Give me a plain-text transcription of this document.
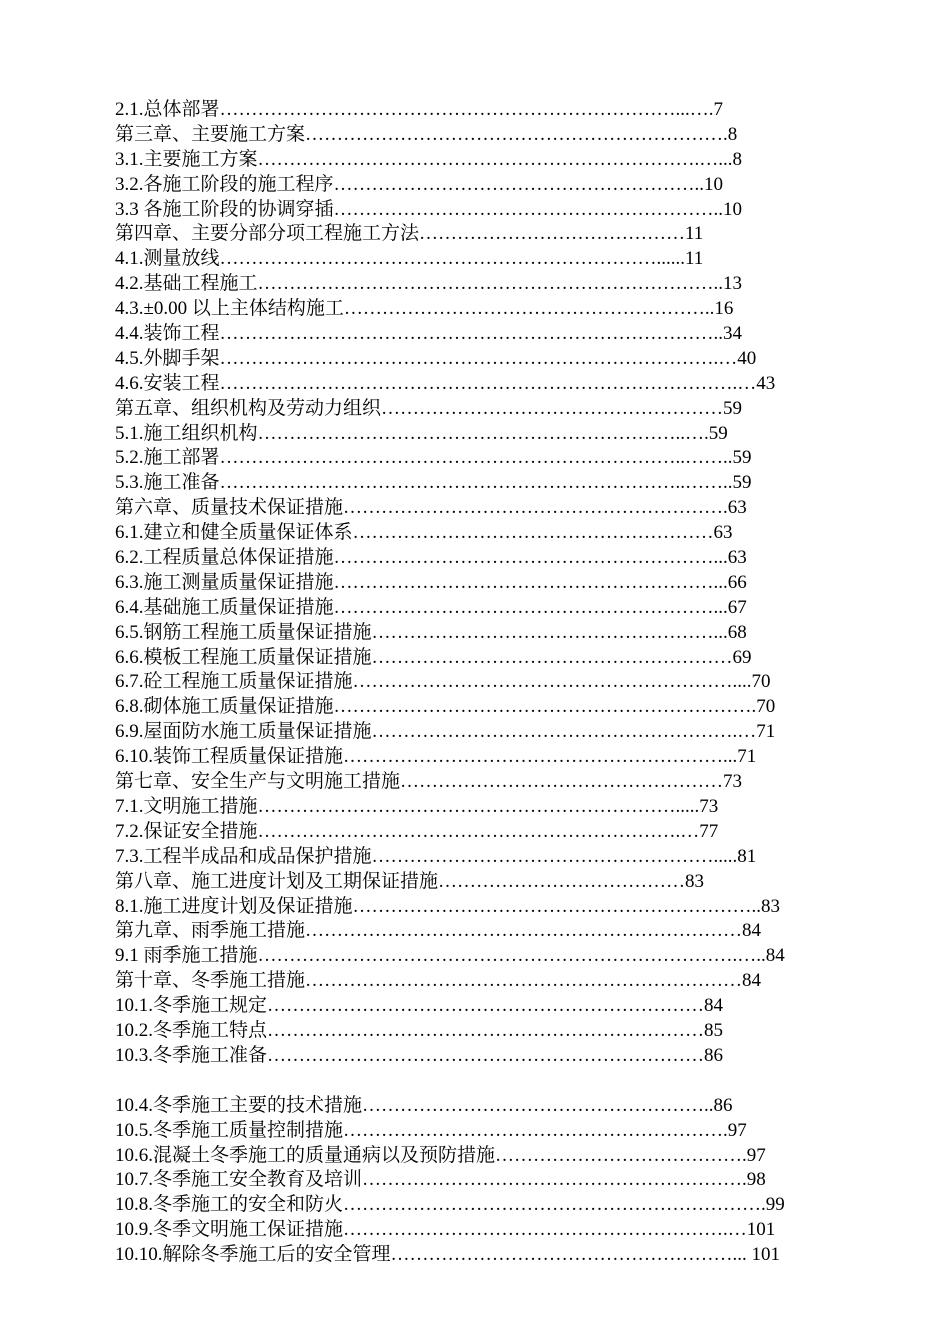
2.1.总体部署………………………………………………………………...….7
第三章、主要施工方案………………………………………………………….8
3.1.主要施工方案…………………………………………………………….…...8
3.2.各施工阶段的施工程序…………………………………………………..10
3.3 各施工阶段的协调穿插……………………………………………………..10
第四章、主要分部分项工程施工方法……………………………………11
4.1.测量放线……………………………………………………………......11
4.2.基础工程施工………………………………………………………………..13
4.3.±0.00 以上主体结构施工…………………………………………………..16
4.4.装饰工程……………………………………………………………………..34
4.5.外脚手架…………………………………………………………………….…40
4.6.安装工程……………………………………………………………………….…43
第五章、组织机构及劳动力组织………………………………………………59
5.1.施工组织机构…………………………………………………………..….59
5.2.施工部署………………………………………………………………..……..59
5.3.施工准备………………………………………………………………..……..59
第六章、质量技术保证措施…………………………………………………….63
6.1.建立和健全质量保证体系…………………………………………………63
6.2.工程质量总体保证措施……………………………………………………...63
6.3.施工测量质量保证措施……………………………………………………...66
6.4.基础施工质量保证措施……………………………………………………...67
6.5.钢筋工程施工质量保证措施………………………………………………...68
6.6.模板工程施工质量保证措施…………………………………………………69
6.7.砼工程施工质量保证措施……………………………………………………....70
6.8.砌体施工质量保证措施………………………………………………………….70
6.9.屋面防水施工质量保证措施………………………………………………….…71
6.10.装饰工程质量保证措施……………………………………………………...71
第七章、安全生产与文明施工措施……………………………………………73
7.1.文明施工措施………………………………………………………….....73
7.2.保证安全措施………………………………………………………….…77
7.3.工程半成品和成品保护措施……………………………………………….....81
第八章、施工进度计划及工期保证措施…………………………………83
8.1.施工进度计划及保证措施………………………………………………………..83
第九章、雨季施工措施……………………………………………………………84
9.1 雨季施工措施………………………………………………………………….…..84
第十章、冬季施工措施……………………………………………………………84
10.1.冬季施工规定……………………………………………………………84
10.2.冬季施工特点……………………………………………………………85
10.3.冬季施工准备……………………………………………………………86
10.4.冬季施工主要的技术措施………………………………………………..86
10.5.冬季施工质量控制措施…………………………………………………….97
10.6.混凝土冬季施工的质量通病以及预防措施………………………………….97
10.7.冬季施工安全教育及培训…………………………………………………….98
10.8.冬季施工的安全和防火………………………………………………………….99
10.9.冬季文明施工保证措施…………………………………………………….…101
10.10.解除冬季施工后的安全管理………………………………………………... 101
